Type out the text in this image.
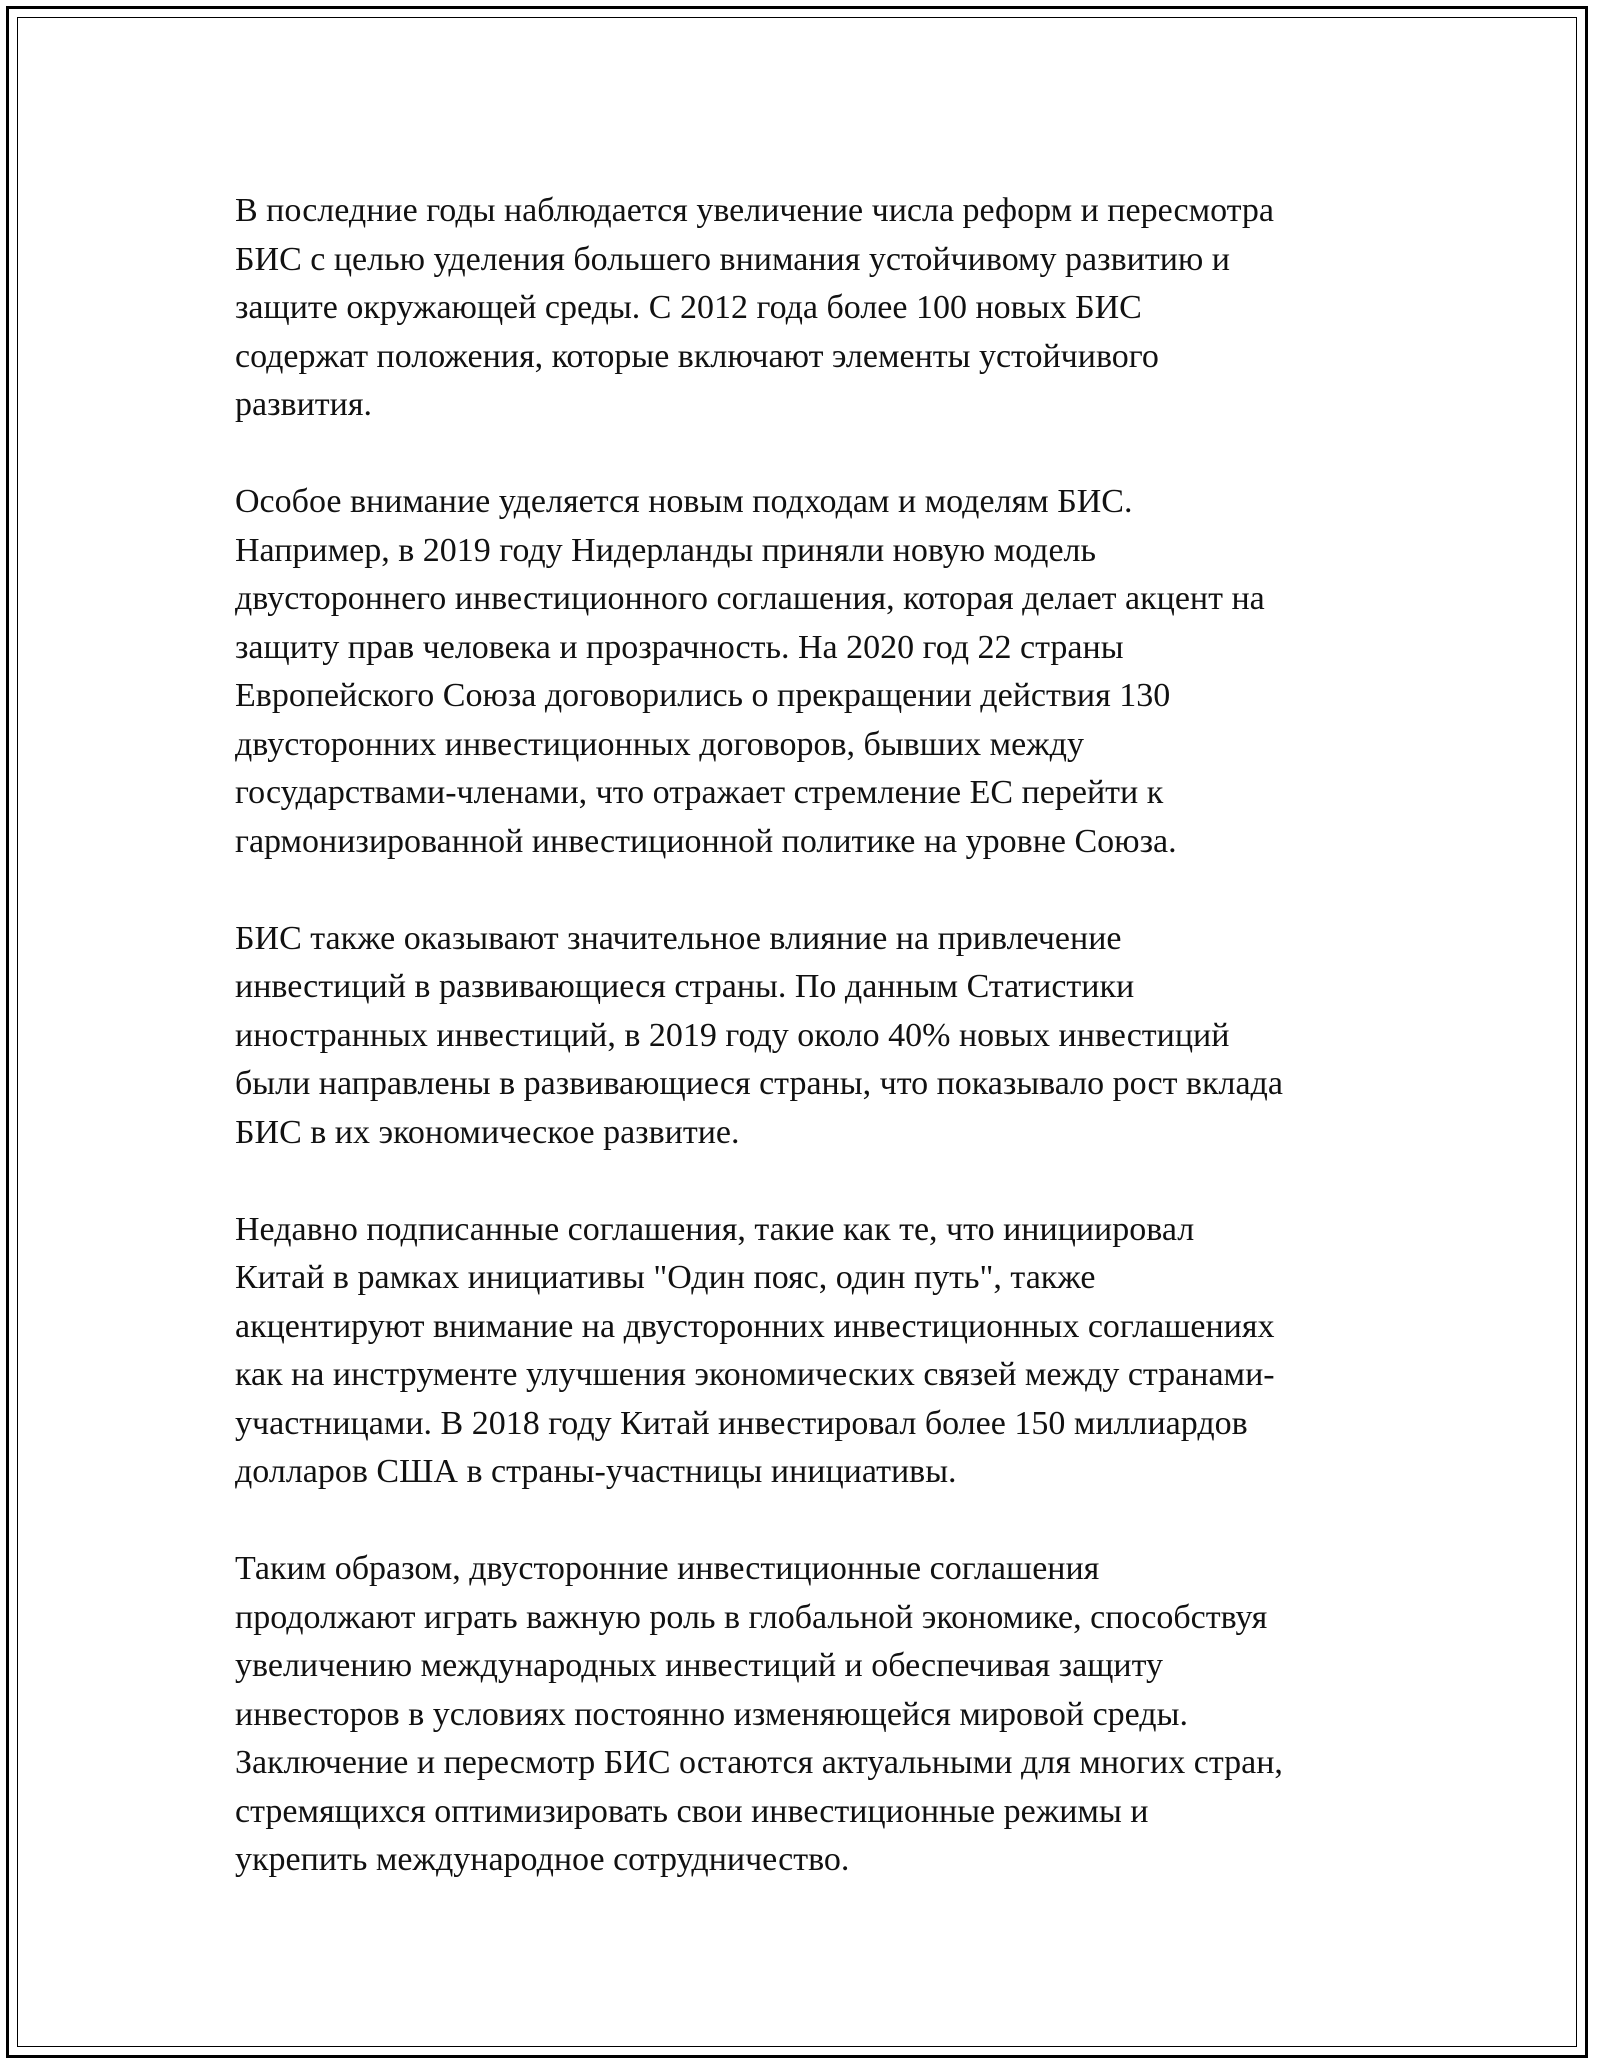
В последние годы наблюдается увеличение числа реформ и пересмотра
БИС с целью уделения большего внимания устойчивому развитию и
защите окружающей среды. С 2012 года более 100 новых БИС
содержат положения, которые включают элементы устойчивого
развития.

Особое внимание уделяется новым подходам и моделям БИС.
Например, в 2019 году Нидерланды приняли новую модель
двустороннего инвестиционного соглашения, которая делает акцент на
защиту прав человека и прозрачность. На 2020 год 22 страны
Европейского Союза договорились о прекращении действия 130
двусторонних инвестиционных договоров, бывших между
государствами-членами, что отражает стремление ЕС перейти к
гармонизированной инвестиционной политике на уровне Союза.

БИС также оказывают значительное влияние на привлечение
инвестиций в развивающиеся страны. По данным Статистики
иностранных инвестиций, в 2019 году около 40% новых инвестиций
были направлены в развивающиеся страны, что показывало рост вклада
БИС в их экономическое развитие.

Недавно подписанные соглашения, такие как те, что инициировал
Китай в рамках инициативы "Один пояс, один путь", также
акцентируют внимание на двусторонних инвестиционных соглашениях
как на инструменте улучшения экономических связей между странами-
участницами. В 2018 году Китай инвестировал более 150 миллиардов
долларов США в страны-участницы инициативы.

Таким образом, двусторонние инвестиционные соглашения
продолжают играть важную роль в глобальной экономике, способствуя
увеличению международных инвестиций и обеспечивая защиту
инвесторов в условиях постоянно изменяющейся мировой среды.
Заключение и пересмотр БИС остаются актуальными для многих стран,
стремящихся оптимизировать свои инвестиционные режимы и
укрепить международное сотрудничество.
